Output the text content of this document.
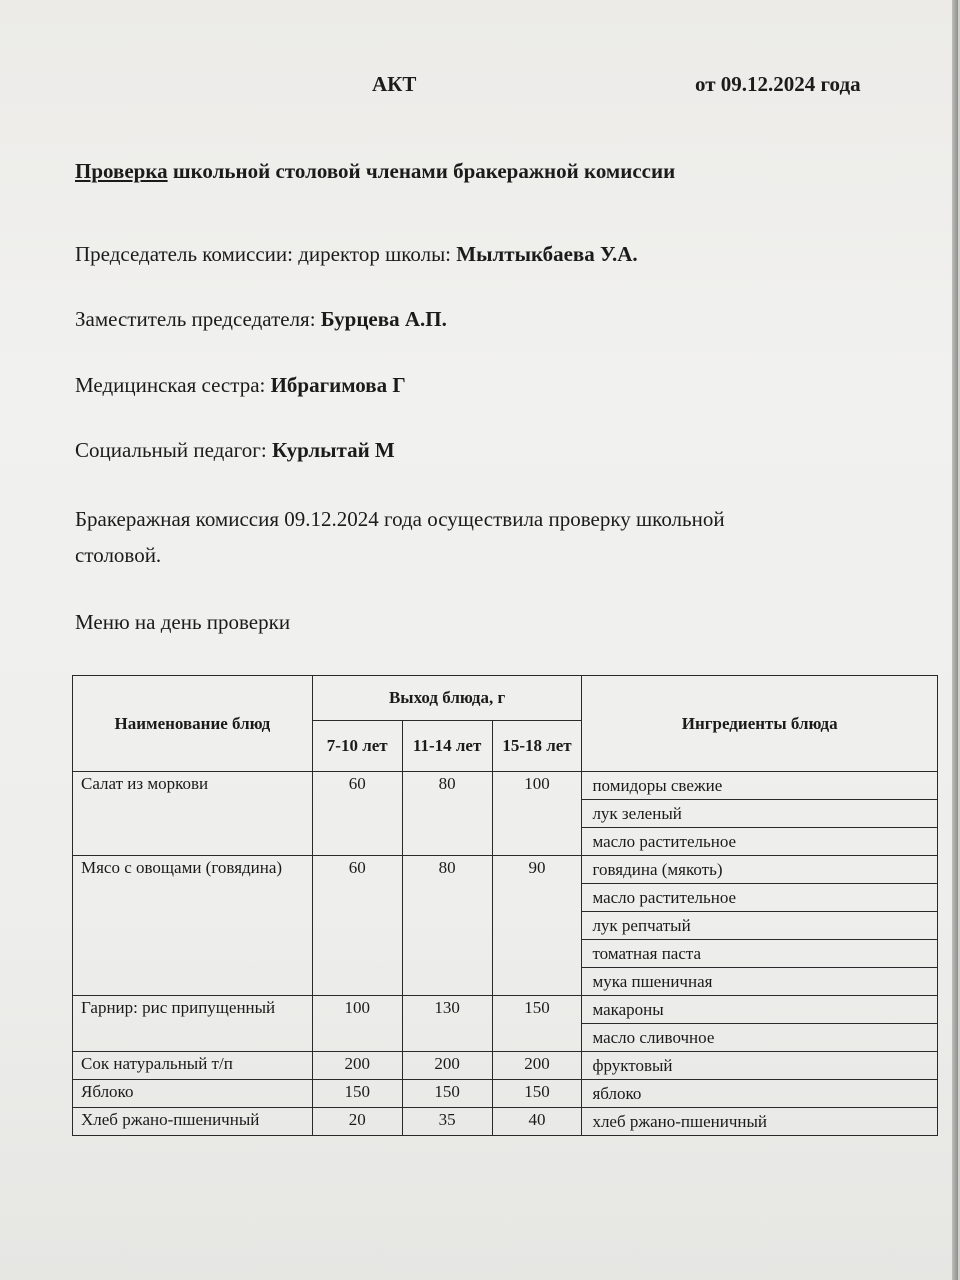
АКТ	от 09.12.2024 года
Проверка школьной столовой членами бракеражной комиссии
Председатель комиссии: директор школы: Мылтыкбаева У.А.
Заместитель председателя: Бурцева А.П.
Медицинская сестра: Ибрагимова Г
Социальный педагог: Курлытай М
Бракеражная комиссия 09.12.2024 года осуществила проверку школьной
столовой.
Меню на день проверки
Наименование блюд	Выход блюда, г			Ингредиенты блюда
	7-10 лет	11-14 лет	15-18 лет	
Салат из моркови	60	80	100	помидоры свежие
лук зеленый
масло растительное

Мясо с овощами (говядина)	60	80	90	говядина (мякоть)
масло растительное
лук репчатый
томатная паста
мука пшеничная

Гарнир: рис припущенный	100	130	150	макароны
масло сливочное

Сок натуральный т/п	200	200	200	фруктовый

Яблоко	150	150	150	яблоко

Хлеб ржано-пшеничный	20	35	40	хлеб ржано-пшеничный
